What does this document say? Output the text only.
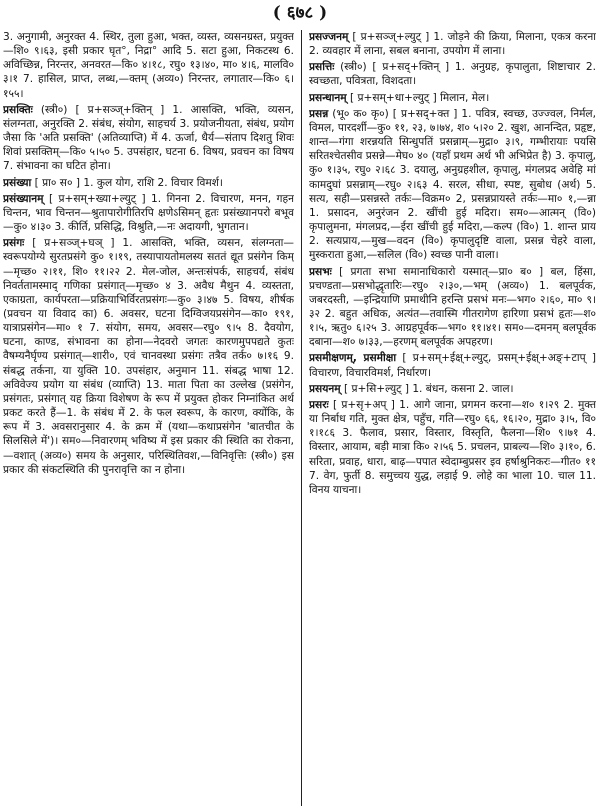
( ६७८ )

3. अनुगामी, अनुरक्त 4. स्थिर, तुला हुआ, भक्त, व्यस्त, व्यसनग्रस्त, प्रयुक्त—शि० ९।६३, इसी प्रकार घृत°, निद्रा° आदि 5. सटा हुआ, निकटस्थ 6. अविच्छिन्न, निरन्तर, अनवरत—कि० ४।१८, रघु० १३।४०, मा० ४।६, मालवि० ३।१ 7. हासिल, प्राप्त, लब्ध,—क्तम् (अव्य०) निरन्तर, लगातार—कि० ६।१५५।

प्रसक्तिः (स्त्री०) [ प्र+सञ्ज्+क्तिन् ] 1. आसक्ति, भक्ति, व्यसन, संलग्नता, अनुरक्ति 2. संबंध, संयोग, साहचर्य 3. प्रयोजनीयता, संबंध, प्रयोग जैसा कि 'अति प्रसक्ति' (अतिव्याप्ति) में 4. ऊर्जा, धैर्य—संताप दिशतु शिवः शिवां प्रसक्तिम्—कि० ५।५० 5. उपसंहार, घटना 6. विषय, प्रवचन का विषय 7. संभावना का घटित होना।

प्रसंख्या [ प्रा० स० ] 1. कुल योग, राशि 2. विचार विमर्श।

प्रसंख्यानम् [ प्र+सम्+ख्या+ल्युट् ] 1. गिनना 2. विचारण, मनन, गहन चिन्तन, भाव चिन्तन—श्रुतापारोगीतिरपि क्षणेऽसिमन् हृतः प्रसंख्यानपरो बभूव—कु० ४।३० 3. कीर्ति, प्रसिद्धि, विश्रुति,—नः अदायगी, भुगतान।

प्रसंगः [ प्र+सञ्ज्+घञ् ] 1. आसक्ति, भक्ति, व्यसन, संलग्नता—स्वरूपयोग्ये सुरतप्रसंगे कु० १।१९, तस्यापायतोमलस्य सततं द्यूत प्रसंगेन किम्—मृच्छ० २।११, शि० ११।२२ 2. मेल-जोल, अन्तःसंपर्क, साहचर्य, संबंध निवर्ततामस्माद् गणिका प्रसंगात्—मृच्छ० ४ 3. अवैध मैथुन 4. व्यस्तता, एकाग्रता, कार्यपरता—प्रक्रियाभिर्विरतप्रसंगः—कु० ३।४७ 5. विषय, शीर्षक (प्रवचन या विवाद का) 6. अवसर, घटना दिग्विजयप्रसंगेन—का० १९१, यात्राप्रसंगेन—मा० १ 7. संयोग, समय, अवसर—रघु० ९।५ 8. दैवयोग, घटना, काण्ड, संभावना का होना—नेदवरो जगतः कारणमुपपद्यते कुतः वैषम्यनैर्घृण्य प्रसंगात्—शारी०, एवं चानवस्था प्रसंगः तत्रैव तर्क० ७।१६ 9. संबद्ध तर्कना, या युक्ति 10. उपसंहार, अनुमान 11. संबद्ध भाषा 12. अविवेज्य प्रयोग या संबंध (व्याप्ति) 13. माता पिता का उल्लेख (प्रसंगेन, प्रसंगतः, प्रसंगात् यह क्रिया विशेषण के रूप में प्रयुक्त होकर निम्नांकित अर्थ प्रकट करते हैं—1. के संबंध में 2. के फल स्वरूप, के कारण, क्योंकि, के रूप में 3. अवसरानुसार 4. के क्रम में (यथा—कथाप्रसंगेन 'बातचीत के सिलसिले में')। सम०—निवारणम् भविष्य में इस प्रकार की स्थिति का रोकना,—वशात् (अव्य०) समय के अनुसार, परिस्थितिवश,—विनिवृत्तिः (स्त्री०) इस प्रकार की संकटस्थिति की पुनरावृत्ति का न होना।

प्रसज्जनम् [ प्र+सञ्ज्+ल्युट् ] 1. जोड़ने की क्रिया, मिलाना, एकत्र करना 2. व्यवहार में लाना, सबल बनाना, उपयोग में लाना।

प्रसत्तिः (स्त्री०) [ प्र+सद्+क्तिन् ] 1. अनुग्रह, कृपालुता, शिष्टाचार 2. स्वच्छता, पवित्रता, विशदता।

प्रसन्धानम् [ प्र+सम्+धा+ल्युट् ] मिलान, मेल।

प्रसन्न (भू० क० कृ०) [ प्र+सद्+क्त ] 1. पवित्र, स्वच्छ, उज्ज्वल, निर्मल, विमल, पारदर्शी—कु० ११, २३, ७।७४, श० ५।२० 2. खुश, आनन्दित, प्रहृष्ट, शान्त—गंगा शरन्नयति सिन्धुपतिं प्रसन्नाम्—मुद्रा० ३।९, गम्भीरायाः पयसि सरितश्चेतसीव प्रसन्ने—मेघ० ४० (यहाँ प्रथम अर्थ भी अभिप्रेत है) 3. कृपालु, कु० १।३५, रघु० २।६८ 3. दयालु, अनुग्रहशील, कृपालु, मंगलप्रद अवेहि मां कामदुघां प्रसन्नाम्—रघु० २।६३ 4. सरल, सीधा, स्पष्ट, सुबोध (अर्थ) 5. सत्य, सही—प्रसन्नस्ते तर्कः—विक्रम० 2, प्रसन्नप्रायस्ते तर्कः—मा० १,—न्ना 1. प्रसादन, अनुरंजन 2. खींची हुई मदिरा। सम०—आत्मन् (वि०) कृपालुमना, मंगलप्रद,—ईरा खींची हुई मदिरा,—कल्प (वि०) 1. शान्त प्राय 2. सत्यप्राय,—मुख—वदन (वि०) कृपालुदृष्टि वाला, प्रसन्न चेहरे वाला, मुस्कराता हुआ,—सलिल (वि०) स्वच्छ पानी वाला।

प्रसभः [ प्रगता सभा समानाधिकारो यस्मात्—प्रा० ब० ] बल, हिंसा, प्रचण्डता—प्रसभोद्धृतारिः—रघु० २।३०,—भम् (अव्य०) 1. बलपूर्वक, जबरदस्ती, —इन्द्रियाणि प्रमाथीनि हरन्ति प्रसभं मनः—भग० २।६०, मा० ९।३२ 2. बहुत अधिक, अत्यंत—तवास्मि गीतरागेण हारिणा प्रसभं हृतः—श० १।५, ऋतु० ६।२५ 3. आग्रहपूर्वक—भग० ११।४१। सम०—दमनम् बलपूर्वक दबाना—श० ७।३३,—हरणम् बलपूर्वक अपहरण।

प्रसमीक्षणम्, प्रसमीक्षा [ प्र+सम्+ईक्ष्+ल्युट्, प्रसम्+ईक्ष्+अङ्+टाप् ] विचारण, विचारविमर्श, निर्धारण।

प्रसयनम् [ प्र+सि+ल्युट् ] 1. बंधन, कसना 2. जाल।

प्रसरः [ प्र+सृ+अप् ] 1. आगे जाना, प्रगमन करना—श० १।२९ 2. मुक्त या निर्बाध गति, मुक्त क्षेत्र, पहुँच, गति—रघु० ६६, १६।२०, मुद्रा० ३।५, वि० १।१८६ 3. फैलाव, प्रसार, विस्तार, विस्तृति, फैलना—शि० ९।७१ 4. विस्तार, आयाम, बड़ी मात्रा कि० २।५६ 5. प्रचलन, प्राबल्य—शि० ३।१०, 6. सरिता, प्रवाह, धारा, बाढ़—पपात स्वेदाम्बुप्रसर इव हर्षाश्रुनिकरः—गीत० ११ 7. वेग, फुर्ती 8. समुच्चय युद्ध, लड़ाई 9. लोहे का भाला 10. चाल 11. विनय याचना।
